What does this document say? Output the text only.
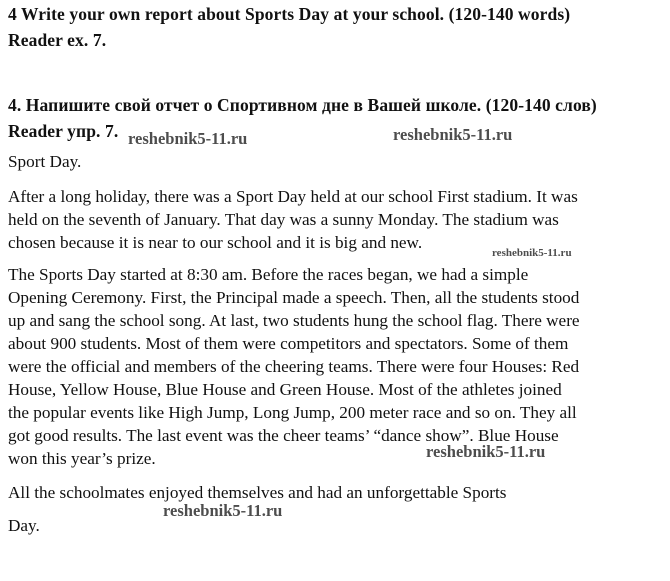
4 Write your own report about Sports Day at your school. (120-140 words)

Reader ex. 7.

4. Напишите свой отчет о Спортивном дне в Вашей школе. (120-140 слов)

Reader упр. 7.

Sport Day.

After a long holiday, there was a Sport Day held at our school First stadium. It was

held on the seventh of January. That day was a sunny Monday. The stadium was

chosen because it is near to our school and it is big and new.

The Sports Day started at 8:30 am. Before the races began, we had a simple

Opening Ceremony. First, the Principal made a speech. Then, all the students stood

up and sang the school song. At last, two students hung the school flag. There were

about 900 students. Most of them were competitors and spectators. Some of them

were the official and members of the cheering teams. There were four Houses: Red

House, Yellow House, Blue House and Green House. Most of the athletes joined

the popular events like High Jump, Long Jump, 200 meter race and so on. They all

got good results. The last event was the cheer teams’ “dance show”. Blue House

won this year’s prize.

All the schoolmates enjoyed themselves and had an unforgettable Sports

Day.

reshebnik5-11.ru	reshebnik5-11.ru
reshebnik5-11.ru
reshebnik5-11.ru
reshebnik5-11.ru
